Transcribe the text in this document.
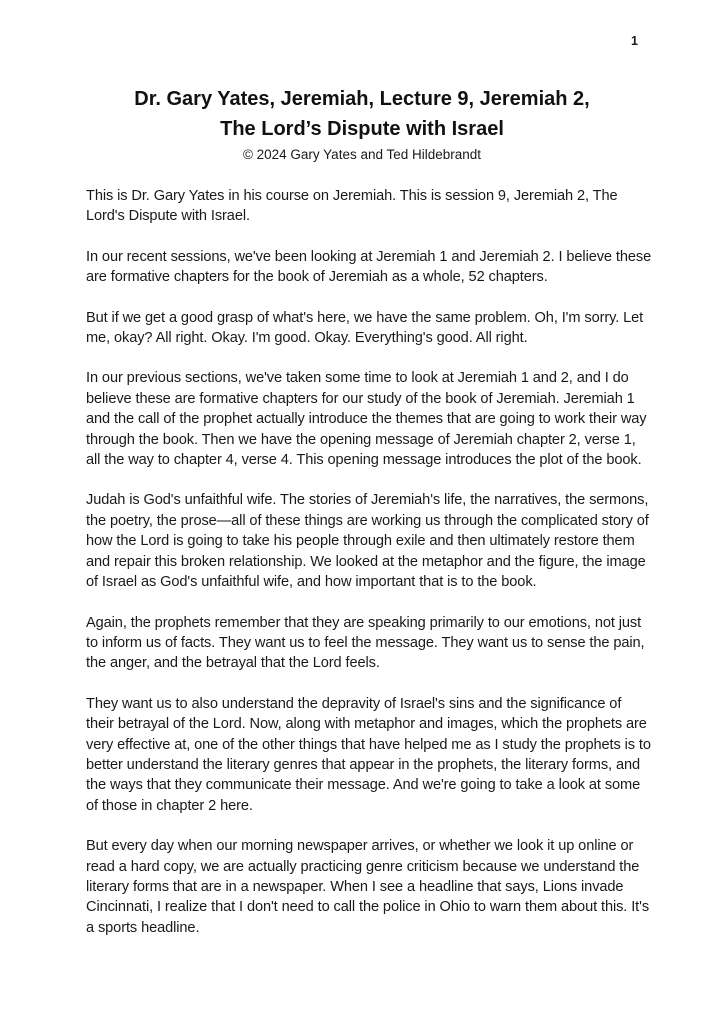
1
Dr. Gary Yates, Jeremiah, Lecture 9, Jeremiah 2,
The Lord’s Dispute with Israel
© 2024 Gary Yates and Ted Hildebrandt

This is Dr. Gary Yates in his course on Jeremiah. This is session 9, Jeremiah 2, The Lord's Dispute with Israel.

In our recent sessions, we've been looking at Jeremiah 1 and Jeremiah 2. I believe these are formative chapters for the book of Jeremiah as a whole, 52 chapters.

But if we get a good grasp of what's here, we have the same problem. Oh, I'm sorry. Let me, okay? All right. Okay. I'm good. Okay. Everything's good. All right.

In our previous sections, we've taken some time to look at Jeremiah 1 and 2, and I do believe these are formative chapters for our study of the book of Jeremiah. Jeremiah 1 and the call of the prophet actually introduce the themes that are going to work their way through the book. Then we have the opening message of Jeremiah chapter 2, verse 1, all the way to chapter 4, verse 4. This opening message introduces the plot of the book.

Judah is God's unfaithful wife. The stories of Jeremiah's life, the narratives, the sermons, the poetry, the prose—all of these things are working us through the complicated story of how the Lord is going to take his people through exile and then ultimately restore them and repair this broken relationship. We looked at the metaphor and the figure, the image of Israel as God's unfaithful wife, and how important that is to the book.

Again, the prophets remember that they are speaking primarily to our emotions, not just to inform us of facts. They want us to feel the message. They want us to sense the pain, the anger, and the betrayal that the Lord feels.

They want us to also understand the depravity of Israel's sins and the significance of their betrayal of the Lord. Now, along with metaphor and images, which the prophets are very effective at, one of the other things that have helped me as I study the prophets is to better understand the literary genres that appear in the prophets, the literary forms, and the ways that they communicate their message. And we're going to take a look at some of those in chapter 2 here.

But every day when our morning newspaper arrives, or whether we look it up online or read a hard copy, we are actually practicing genre criticism because we understand the literary forms that are in a newspaper. When I see a headline that says, Lions invade Cincinnati, I realize that I don't need to call the police in Ohio to warn them about this. It's a sports headline.
